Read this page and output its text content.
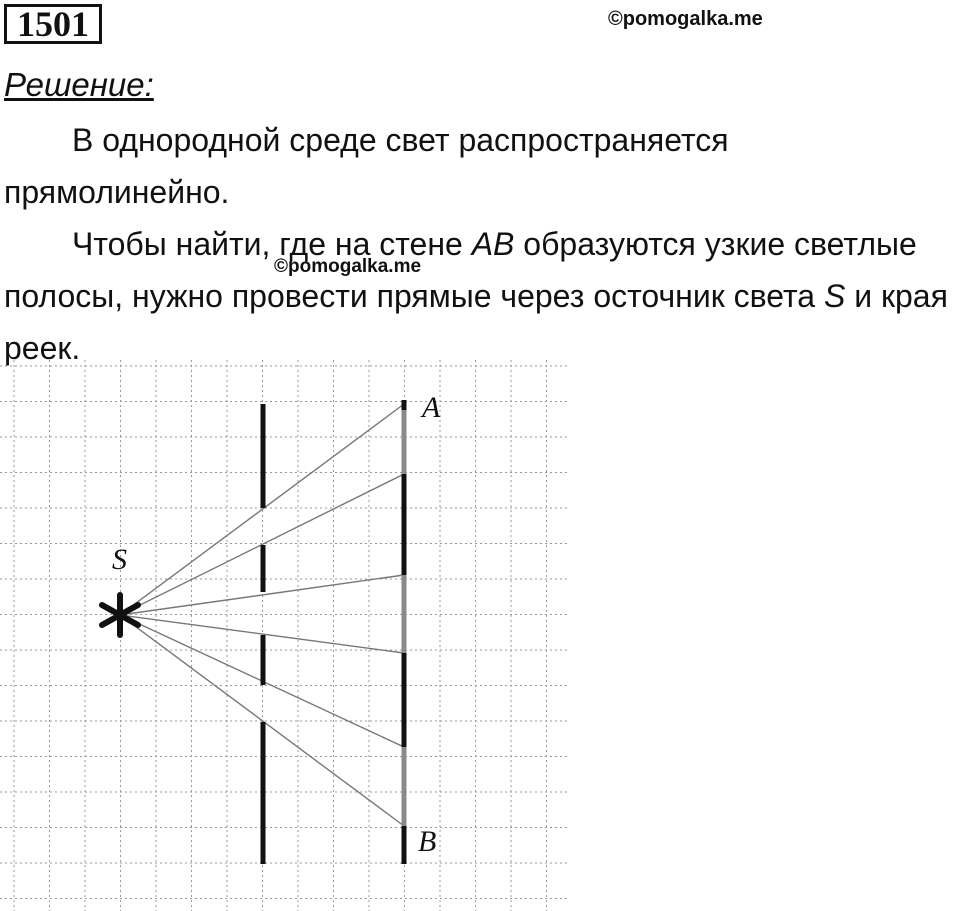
1501	©pomogalka.me
Решение:
В однородной среде свет распространяется прямолинейно.
Чтобы найти, где на стене AB образуются узкие светлые полосы, нужно провести прямые через осточник света S и края реек.
©pomogalka.me
S
A
B
